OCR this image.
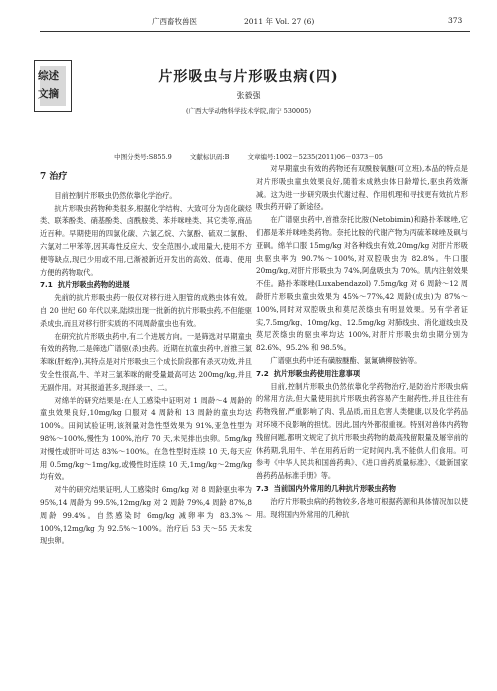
广西畜牧兽医	2011 年 Vol. 27 (6)	373
综述
文摘
片形吸虫与片形吸虫病(四)
张毅强
(广西大学动物科学技术学院,南宁 530005)
中图分类号:S855.9	文献标识码:B	文章编号:1002－5235(2011)06－0373－05
7 治疗

目前控制片形吸虫仍然依靠化学治疗。

抗片形吸虫药物种类很多,根据化学结构、大致可分为卤化碳烃类、联苯酚类、硝基酚类、卤酰胺类、苯并咪唑类、其它类等,商品近百种。早期使用的四氯化碳、六氯乙烷、六氯酚、硫双二氯酚、六氯对二甲苯等,因其毒性反应大、安全范围小,或用量大,使用不方便等缺点,现已少用或不用,已渐被新近开发出的高效、低毒、使用方便的药物取代。

7.1 抗片形吸虫药物的进展

先前的抗片形吸虫药一般仅对移行进入胆管的成熟虫体有效。自 20 世纪 60 年代以来,陆续出现一批新的抗片形吸虫药,不但能驱杀成虫,而且对移行肝实质的不同周龄童虫也有效。

在研究抗片形吸虫药中,有二个进展方向。一是筛选对早期童虫有效的药物,二是筛选广谱驱(杀)虫药。近期在抗童虫药中,首推三氯苯咪(肝蛭净),其特点是对片形吸虫三个成长阶段都有杀灭功效,并且安全性很高,牛、羊对三氯苯咪的耐受量最高可达 200mg/kg,并且无副作用。对其报道甚多,现择录一、二。

对绵羊的研究结果是:在人工感染中证明对 1 周龄～4 周龄的童虫效果良好,10mg/kg 口服对 4 周龄和 13 周龄的童虫均达 100%。田间试验证明,该剂量对急性型效果为 91%,亚急性型为 98%～100%,慢性为 100%,治疗 70 天,未见排出虫卵。5mg/kg 对慢性或肝叶可达 83%～100%。在急性型时连续 10 天,每天应用 0.5mg/kg～1mg/kg,或慢性时连续 10 天,1mg/kg～2mg/kg 均有效。

对牛的研究结果证明,人工感染时 6mg/kg 对 8 周龄驱虫率为 95%,14 周龄为 99.5%,12mg/kg 对 2 周龄 79%,4 周龄 87%,8 周龄 99.4%。自然感染时 6mg/kg 减卵率为 83.3%～100%,12mg/kg 为 92.5%～100%。治疗后 53 天～55 天未发现虫卵。

对早期童虫有效的药物还有双酰胺氧醚(可立班),本品的特点是对片形吸虫童虫效果良好,随着未成熟虫体日龄增长,驱虫药效渐减。这为进一步研究吸虫代谢过程、作用机理和寻找更有效抗片形吸虫药开辟了新途径。

在广谱驱虫药中,首推奈托比胺(Netobimin)和路扑苯咪唑,它们都是苯并咪唑类药物。奈托比胺的代谢产物为丙硫苯咪唑及砜与亚砜。绵羊口服 15mg/kg 对各种线虫有效,20mg/kg 对肝片形吸虫驱虫率为 90.7%～100%,对双腔吸虫为 82.8%。牛口服 20mg/kg,对肝片形吸虫为 74%,阿盘吸虫为 70%。肌内注射效果不佳。路扑苯咪唑(Luxabendazol) 7.5mg/kg 对 6 周龄～12 周龄肝片形吸虫童虫效果为 45%～77%,42 周龄(成虫)为 87%～100%,同时对双腔吸虫和莫尼茨绦虫有明显效果。另有学者证实,7.5mg/kg、10mg/kg、12.5mg/kg 对肺线虫、消化道线虫及莫尼茨绦虫的驱虫率均达 100%,对肝片形吸虫幼虫期分别为 82.6%、95.2% 和 98.5%。

广谱驱虫药中还有磺胺醚酯、氯氰碘柳胺钠等。

7.2 抗片形吸虫药使用注意事项

目前,控制片形吸虫仍然依靠化学药物治疗,是防治片形吸虫病的常用方法,但大量使用抗片形吸虫药容易产生耐药性,并且往往有药物残留,严重影响了肉、乳品质,而且危害人类健康,以及化学药品对环境不良影响的担忧。因此,国内外都很重视。特别对兽体内药物残留问题,都明文规定了抗片形吸虫药物的最高残留限量及屠宰前的休药期,乳用牛、羊在用药后的一定时间内,乳不能供人们食用。可参考《中华人民共和国兽药典》、《进口兽药质量标准》、《最新国家兽药药品标准手册》等。

7.3 当前国内外常用的几种抗片形吸虫药物

治疗片形吸虫病的药物较多,各地可根据药源和具体情况加以使用。现将国内外常用的几种抗
